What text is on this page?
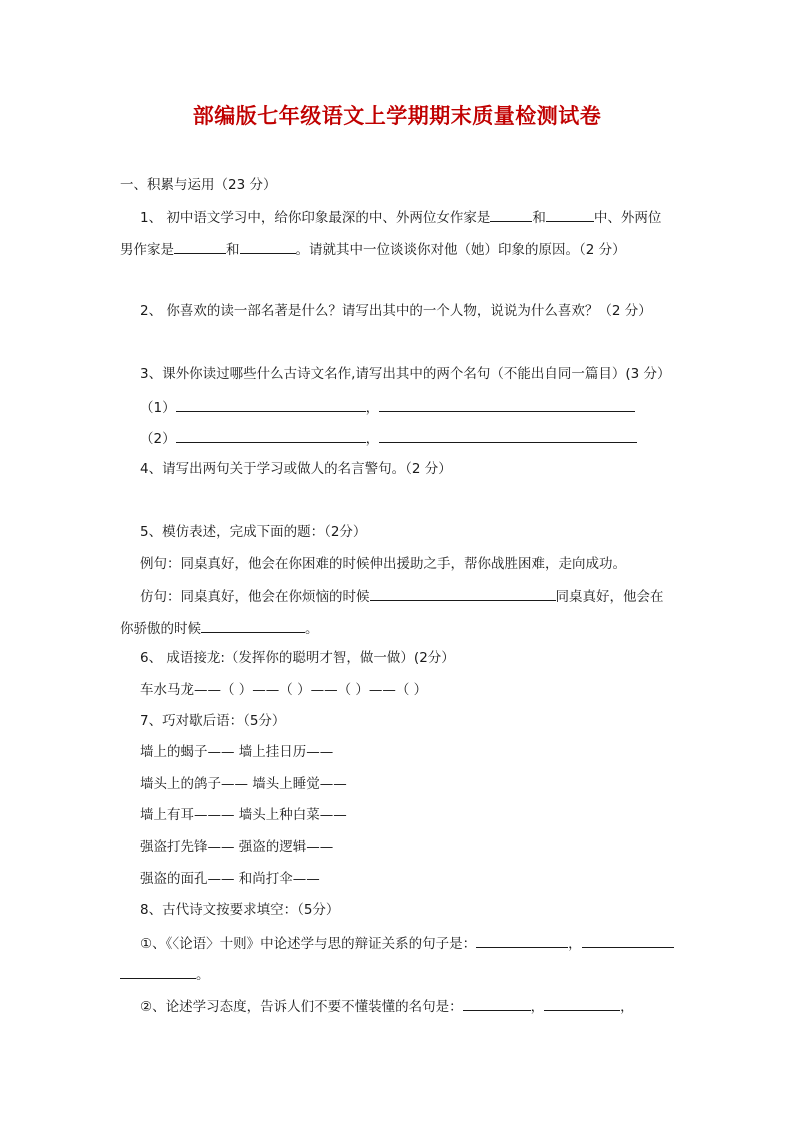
部编版七年级语文上学期期末质量检测试卷
一、积累与运用（23 分）
1、 初中语文学习中，给你印象最深的中、外两位女作家是	和	中、外两位
男作家是	和	。请就其中一位谈谈你对他（她）印象的原因。（2 分）
2、 你喜欢的读一部名著是什么？请写出其中的一个人物，说说为什么喜欢？（2 分）
3、课外你读过哪些什么古诗文名作,请写出其中的两个名句（不能出自同一篇目）(3 分）
（1）	，
（2）	，
4、请写出两句关于学习或做人的名言警句。（2 分）
5、模仿表述，完成下面的题：（2分）
例句：同桌真好，他会在你困难的时候伸出援助之手，帮你战胜困难，走向成功。
仿句：同桌真好，他会在你烦恼的时候	同桌真好，他会在
你骄傲的时候	。
6、 成语接龙:（发挥你的聪明才智，做一做）(2分）
车水马龙——（ ）——（ ）——（ ）——（ ）
7、巧对歇后语：（5分）
墙上的蝎子—— 墙上挂日历——
墙头上的鸽子—— 墙头上睡觉——
墙上有耳——— 墙头上种白菜——
强盗打先锋—— 强盗的逻辑——
强盗的面孔—— 和尚打伞——
8、古代诗文按要求填空：（5分）
①、《〈论语〉十则》中论述学与思的辩证关系的句子是：	，
。
②、论述学习态度，告诉人们不要不懂装懂的名句是：	，	，
